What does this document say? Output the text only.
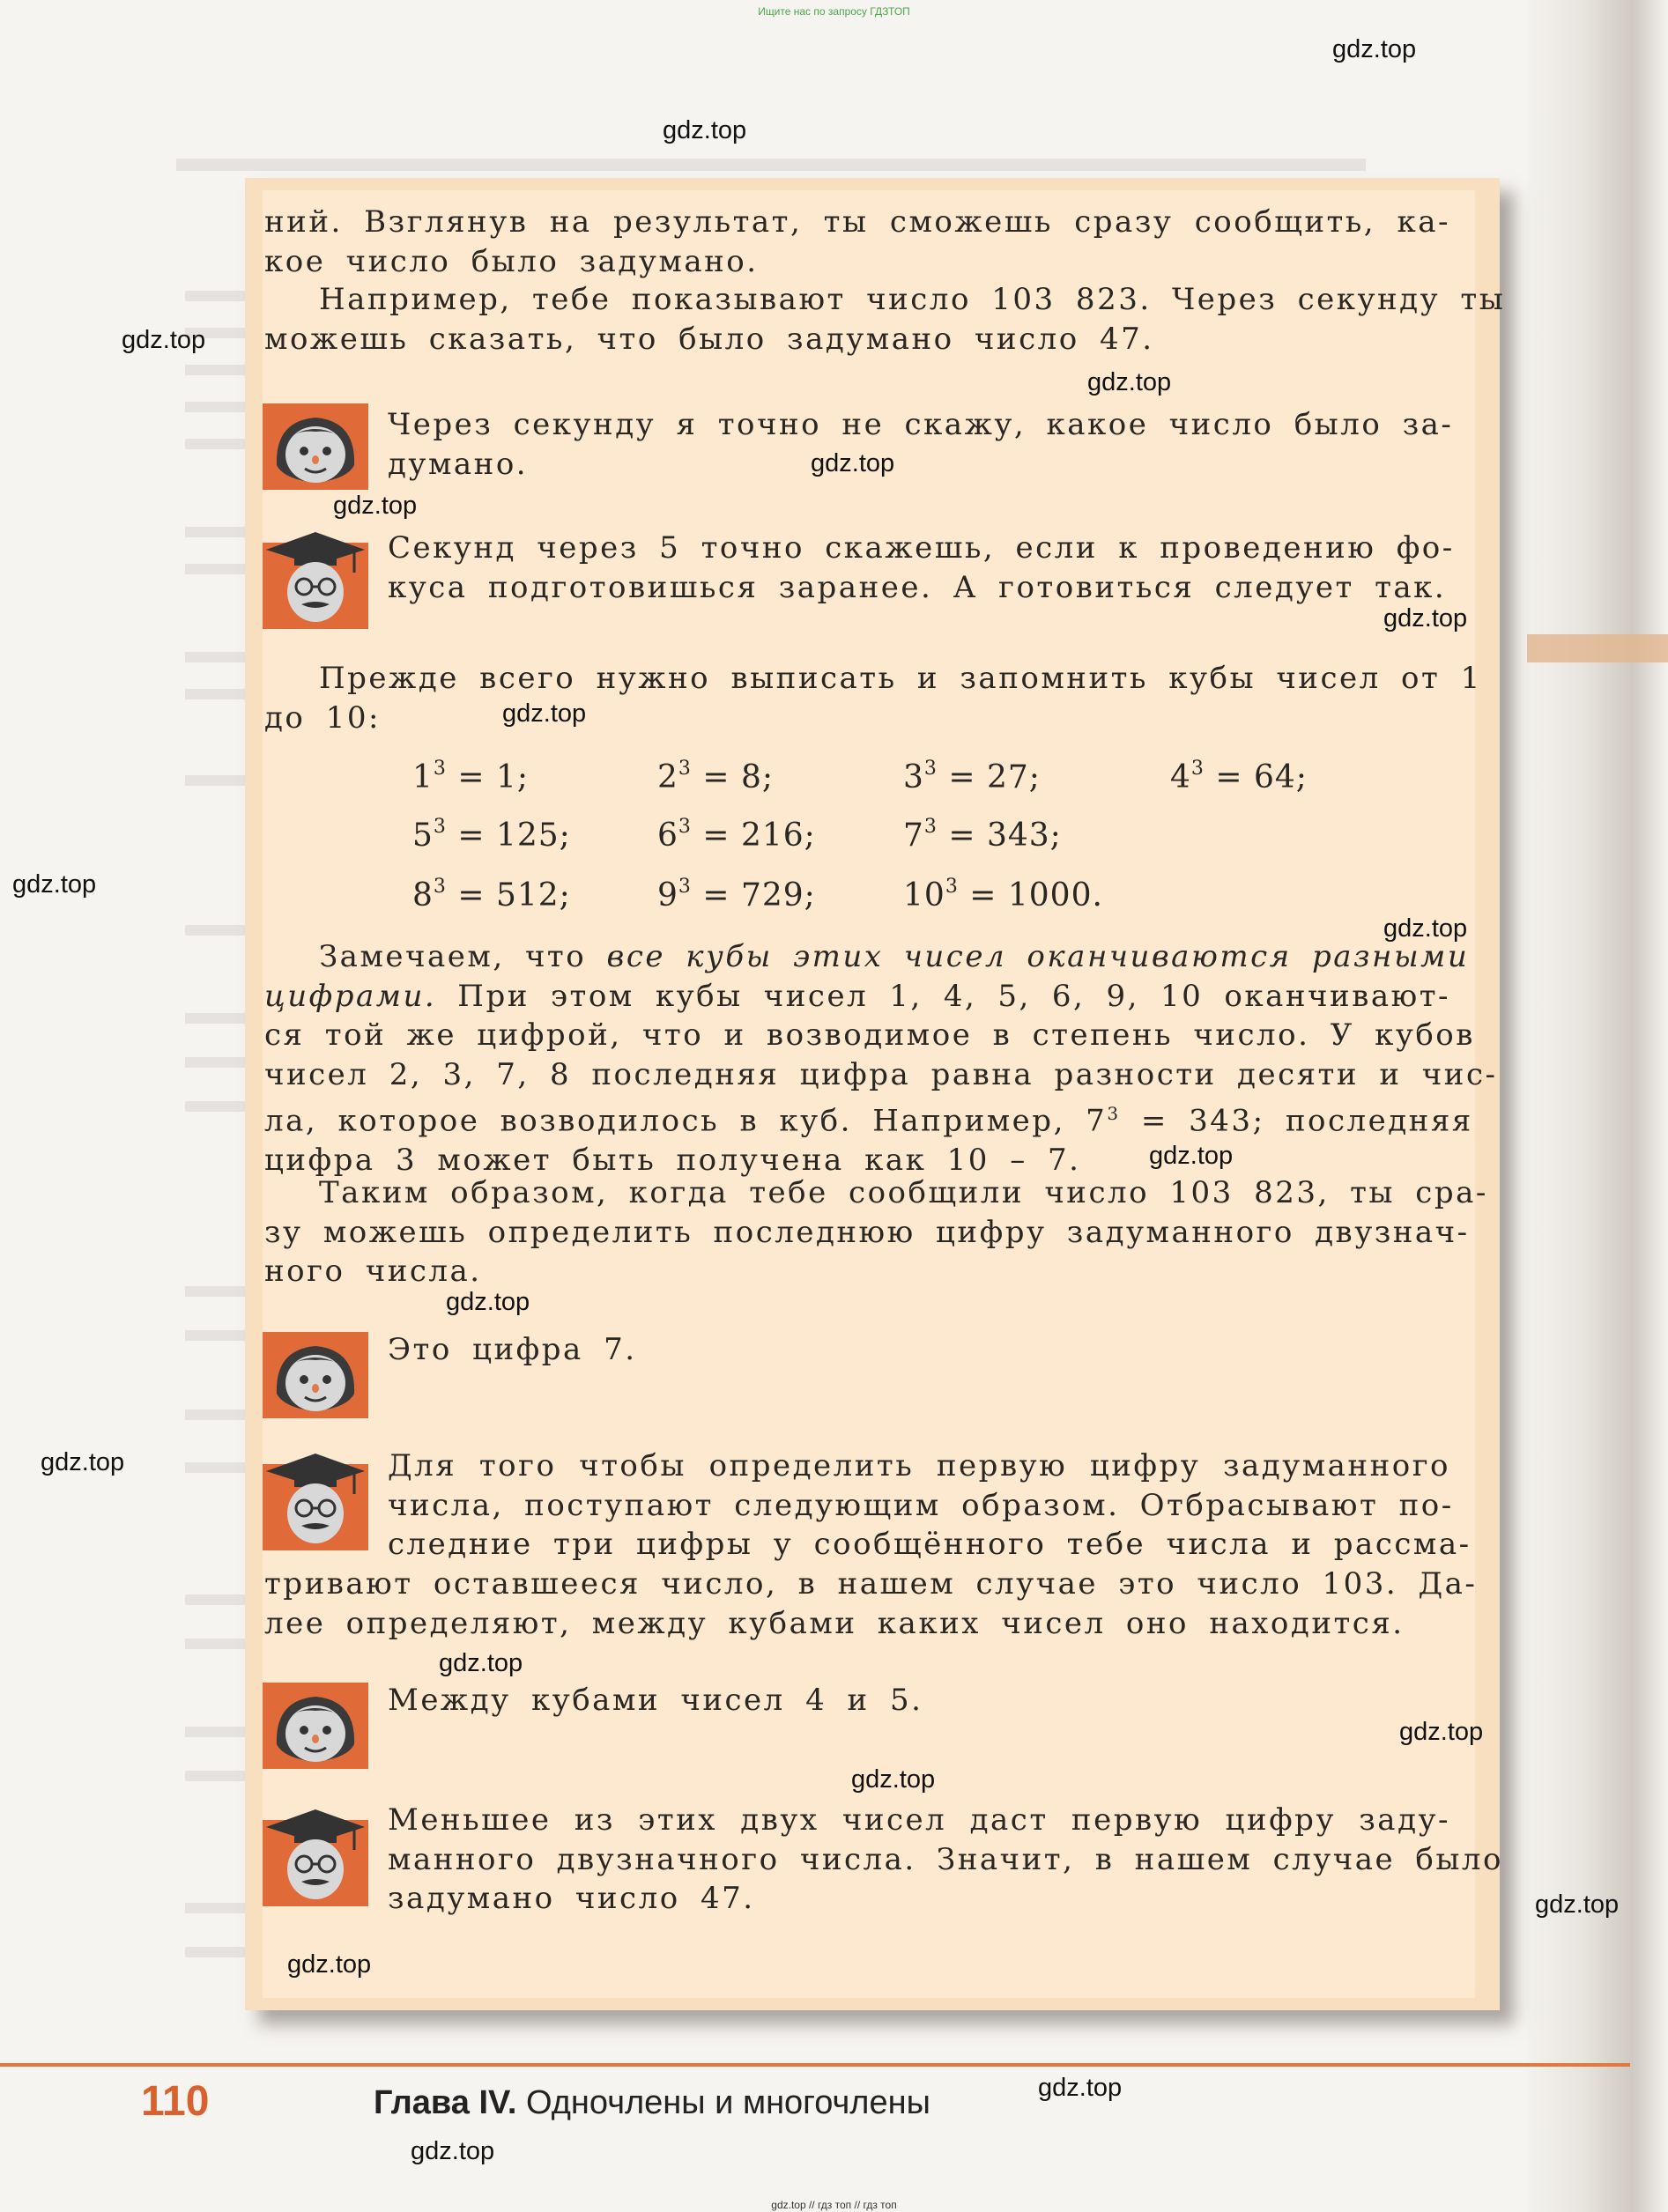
Ищите нас по запросу ГДЗТОП
ний. Взглянув на результат, ты сможешь сразу сообщить, ка-
кое число было задумано.
Например, тебе показывают число 103 823. Через секунду ты
можешь сказать, что было задумано число 47.
Через секунду я точно не скажу, какое число было за-
думано.
Секунд через 5 точно скажешь, если к проведению фо-
куса подготовишься заранее. А готовиться следует так.
Прежде всего нужно выписать и запомнить кубы чисел от 1
до 10:
$1^3 = 1$;	$2^3 = 8$;	$3^3 = 27$;	$4^3 = 64$;
$5^3 = 125$;	$6^3 = 216$;	$7^3 = 343$;
$8^3 = 512$;	$9^3 = 729$;	$10^3 = 1000$.
Замечаем, что все кубы этих чисел оканчиваются разными
цифрами. При этом кубы чисел 1, 4, 5, 6, 9, 10 оканчивают-
ся той же цифрой, что и возводимое в степень число. У кубов
чисел 2, 3, 7, 8 последняя цифра равна разности десяти и чис-
ла, которое возводилось в куб. Например, $7^3 = 343$; последняя
цифра 3 может быть получена как 10 – 7.
Таким образом, когда тебе сообщили число 103 823, ты сра-
зу можешь определить последнюю цифру задуманного двузнач-
ного числа.
Это цифра 7.
Для того чтобы определить первую цифру задуманного
числа, поступают следующим образом. Отбрасывают по-
следние три цифры у сообщённого тебе числа и рассма-
тривают оставшееся число, в нашем случае это число 103. Да-
лее определяют, между кубами каких чисел оно находится.
Между кубами чисел 4 и 5.
Меньшее из этих двух чисел даст первую цифру заду-
манного двузначного числа. Значит, в нашем случае было
задумано число 47.
gdz.top
gdz.top
gdz.top
gdz.top
gdz.top
gdz.top
gdz.top
gdz.top
gdz.top
gdz.top
gdz.top
gdz.top
gdz.top
gdz.top
gdz.top
gdz.top
gdz.top
gdz.top
gdz.top
gdz.top
110	Глава IV. Одночлены и многочлены
gdz.top // гдз топ // гдз топ
